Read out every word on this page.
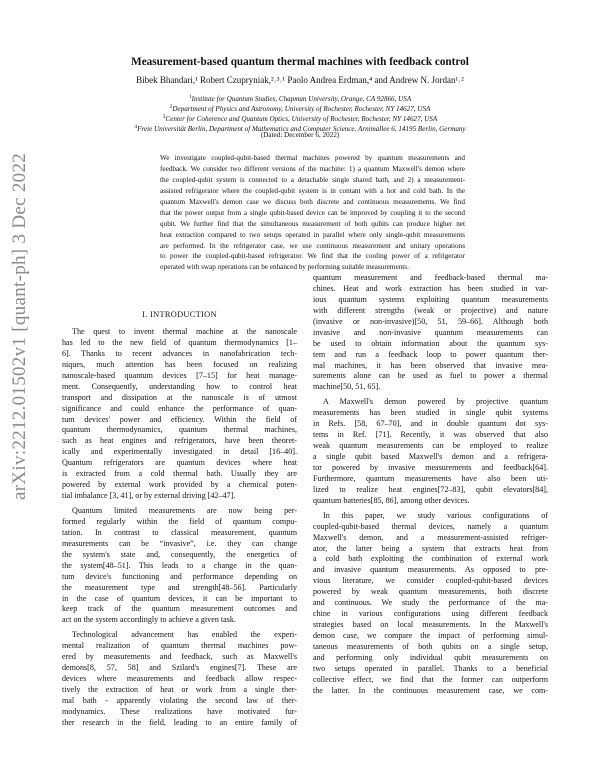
arXiv:2212.01502v1 [quant-ph] 3 Dec 2022
Measurement-based quantum thermal machines with feedback control
Bibek Bhandari,¹ Robert Czupryniak,²˒³˒¹ Paolo Andrea Erdman,⁴ and Andrew N. Jordan¹˒²
$^1$Institute for Quantum Studies, Chapman University, Orange, CA 92866, USA
$^2$Department of Physics and Astronomy, University of Rochester, Rochester, NY 14627, USA
$^3$Center for Coherence and Quantum Optics, University of Rochester, Rochester, NY 14627, USA
$^4$Freie Universität Berlin, Department of Mathematics and Computer Science, Arnimallee 6, 14195 Berlin, Germany
(Dated: December 6, 2022)
We investigate coupled-qubit-based thermal machines powered by quantum measurements and
feedback. We consider two different versions of the machine: 1) a quantum Maxwell's demon where
the coupled-qubit system is connected to a detachable single shared bath, and 2) a measurement-
assisted refrigerator where the coupled-qubit system is in contant with a hot and cold bath. In the
quantum Maxwell's demon case we discuss both discrete and continuous measurements. We find
that the power output from a single qubit-based device can be improved by coupling it to the second
qubit. We further find that the simultaneous measurement of both qubits can produce higher net
heat extraction compared to two setups operated in parallel where only single-qubit measurements
are performed. In the refrigerator case, we use continuous measurement and unitary operations
to power the coupled-qubit-based refrigerator. We find that the cooling power of a refrigerator
operated with swap operations can be enhanced by performing suitable measurements.
I. INTRODUCTION
The quest to invent thermal machine at the nanoscale
has led to the new field of quantum thermodynamics [1–
6]. Thanks to recent advances in nanofabrication tech-
niques, much attention has been focused on realizing
nanoscale-based quantum devices [7–15] for heat manage-
ment. Consequently, understanding how to control heat
transport and dissipation at the nanoscale is of utmost
significance and could enhance the performance of quan-
tum devices' power and efficiency. Within the field of
quantum thermodynamics, quantum thermal machines,
such as heat engines and refrigerators, have been theoret-
ically and experimentally investigated in detail [16–40].
Quantum refrigerators are quantum devices where heat
is extracted from a cold thermal bath. Usually they are
powered by external work provided by a chemical poten-
tial imbalance [3, 41], or by external driving [42–47].
Quantum limited measurements are now being per-
formed regularly within the field of quantum compu-
tation. In contrast to classical measurement, quantum
measurements can be “invasive”, i.e. they can change
the system's state and, consequently, the energetics of
the system[48–51]. This leads to a change in the quan-
tum device's functioning and performance depending on
the measurement type and strength[48–56]. Particularly
in the case of quantum devices, it can be important to
keep track of the quantum measurement outcomes and
act on the system accordingly to achieve a given task.
Technological advancement has enabled the experi-
mental realization of quantum thermal machines pow-
ered by measurements and feedback, such as Maxwell's
demons[8, 57, 58] and Szilard's engines[7]. These are
devices where measurements and feedback allow respec-
tively the extraction of heat or work from a single ther-
mal bath - apparently violating the second law of ther-
modynamics. These realizations have motivated fur-
ther research in the field, leading to an entire family of
quantum measurement and feedback-based thermal ma-
chines. Heat and work extraction has been studied in var-
ious quantum systems exploiting quantum measurements
with different strengths (weak or projective) and nature
(invasive or non-invasive)[50, 51, 59–66]. Although both
invasive and non-invasive quantum measurements can
be used to obtain information about the quantum sys-
tem and run a feedback loop to power quantum ther-
mal machines, it has been observed that invasive mea-
surements alone can be used as fuel to power a thermal
machine[50, 51, 65].
A Maxwell's demon powered by projective quantum
measurements has been studied in single qubit systems
in Refs. [58, 67–70], and in double quantum dot sys-
tems in Ref. [71]. Recently, it was observed that also
weak quantum measurements can be employed to realize
a single qubit based Maxwell's demon and a refrigera-
tor powered by invasive measurements and feedback[64].
Furthermore, quantum measurements have also been uti-
lized to realize heat engines[72–83], qubit elevators[84],
quantum batteries[85, 86], among other devices.
In this paper, we study various configurations of
coupled-qubit-based thermal devices, namely a quantum
Maxwell's demon, and a measurement-assisted refriger-
ator, the latter being a system that extracts heat from
a cold bath exploiting the combination of external work
and invasive quantum measurements. As opposed to pre-
vious literature, we consider coupled-qubit-based devices
powered by weak quantum measurements, both discrete
and continuous. We study the performance of the ma-
chine in various configurations using different feedback
strategies based on local measurements. In the Maxwell's
demon case, we compare the impact of performing simul-
taneous measurements of both qubits on a single setup,
and performing only individual qubit measurements on
two setups operated in parallel. Thanks to a beneficial
collective effect, we find that the former can outperform
the latter. In the continuous measurement case, we com-
